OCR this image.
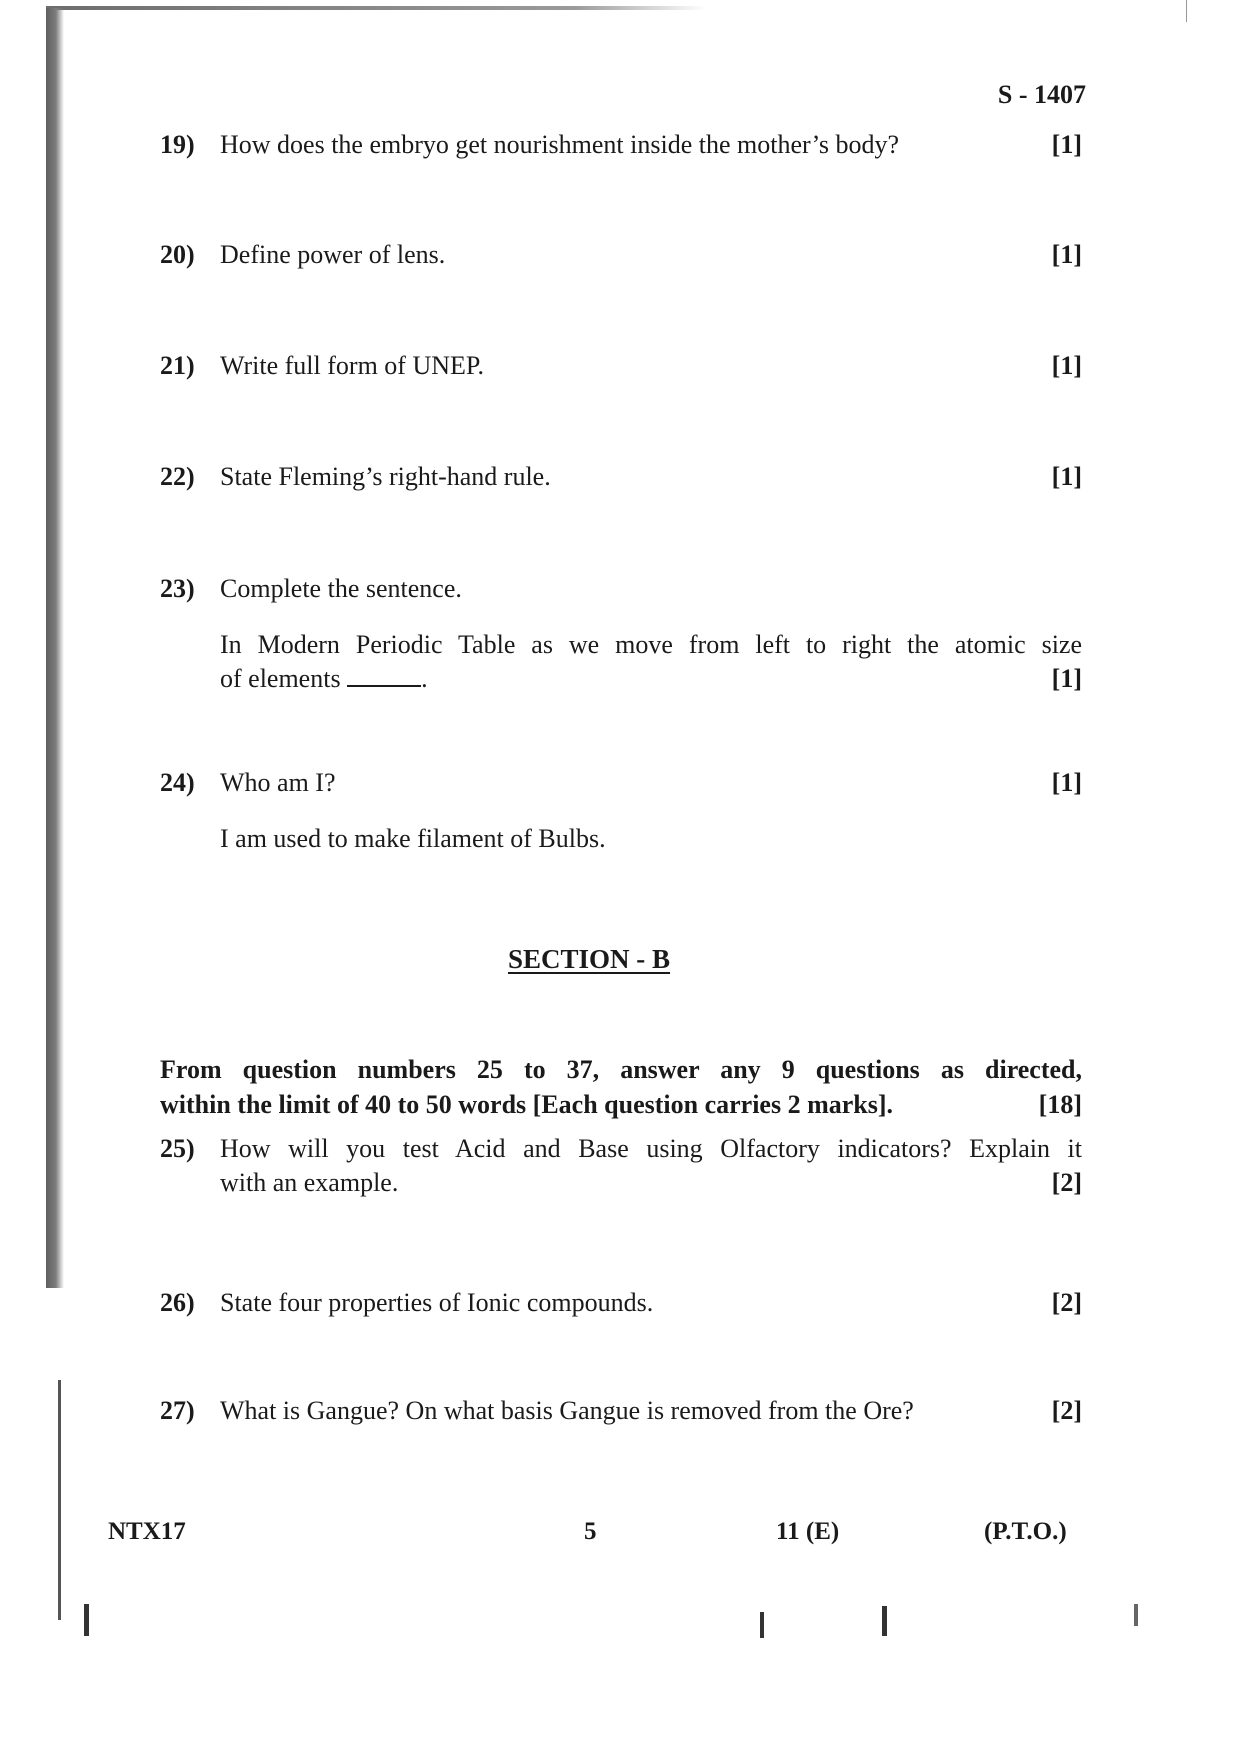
S - 1407
19) How does the embryo get nourishment inside the mother’s body?	[1]
20) Define power of lens.	[1]
21) Write full form of UNEP.	[1]
22) State Fleming’s right-hand rule.	[1]
23) Complete the sentence.
In Modern Periodic Table as we move from left to right the atomic size
of elements	.	[1]
24) Who am I?	[1]
I am used to make filament of Bulbs.
SECTION - B
From question numbers 25 to 37, answer any 9 questions as directed,
within the limit of 40 to 50 words [Each question carries 2 marks].	[18]
25) How will you test Acid and Base using Olfactory indicators? Explain it
with an example.	[2]
26) State four properties of Ionic compounds.	[2]
27) What is Gangue? On what basis Gangue is removed from the Ore?	[2]
NTX17	5	11 (E)	(P.T.O.)
